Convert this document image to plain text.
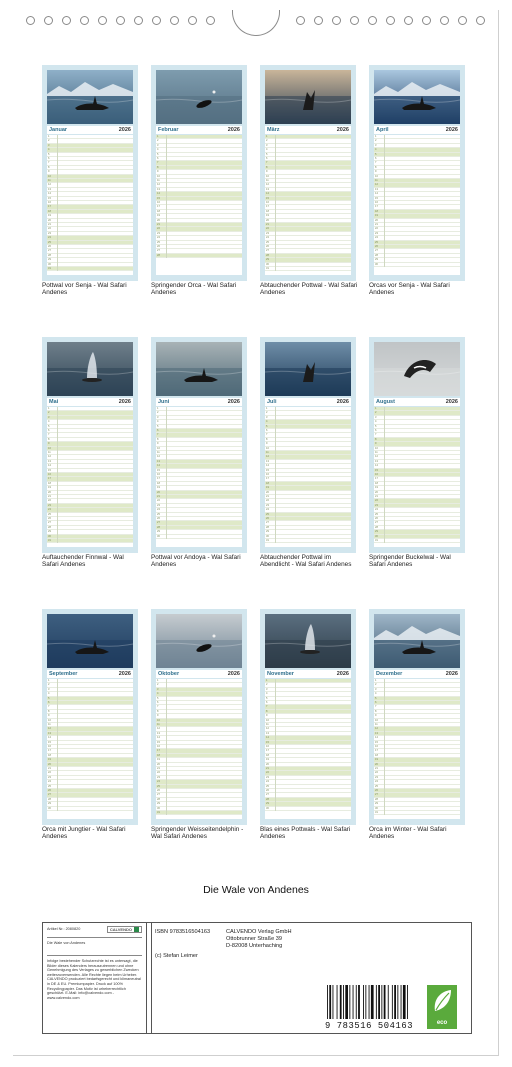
Januar	2026
1
2
3
4
5
6
7
8
9
10
11
12
13
14
15
16
17
18
19
20
21
22
23
24
25
26
27
28
29
30
31
Pottwal vor Senja - Wal Safari Andenes
Februar	2026
1
2
3
4
5
6
7
8
9
10
11
12
13
14
15
16
17
18
19
20
21
22
23
24
25
26
27
28
Springender Orca - Wal Safari Andenes
März	2026
1
2
3
4
5
6
7
8
9
10
11
12
13
14
15
16
17
18
19
20
21
22
23
24
25
26
27
28
29
30
31
Abtauchender Pottwal - Wal Safari Andenes
April	2026
1
2
3
4
5
6
7
8
9
10
11
12
13
14
15
16
17
18
19
20
21
22
23
24
25
26
27
28
29
30
Orcas vor Senja - Wal Safari Andenes
Mai	2026
1
2
3
4
5
6
7
8
9
10
11
12
13
14
15
16
17
18
19
20
21
22
23
24
25
26
27
28
29
30
31
Auftauchender Finnwal - Wal Safari Andenes
Juni	2026
1
2
3
4
5
6
7
8
9
10
11
12
13
14
15
16
17
18
19
20
21
22
23
24
25
26
27
28
29
30
Pottwal vor Andoya - Wal Safari Andenes
Juli	2026
1
2
3
4
5
6
7
8
9
10
11
12
13
14
15
16
17
18
19
20
21
22
23
24
25
26
27
28
29
30
31
Abtauchender Pottwal im Abendlicht - Wal Safari Andenes
August	2026
1
2
3
4
5
6
7
8
9
10
11
12
13
14
15
16
17
18
19
20
21
22
23
24
25
26
27
28
29
30
31
Springender Buckelwal - Wal Safari Andenes
September	2026
1
2
3
4
5
6
7
8
9
10
11
12
13
14
15
16
17
18
19
20
21
22
23
24
25
26
27
28
29
30
Orca mit Jungtier - Wal Safari Andenes
Oktober	2026
1
2
3
4
5
6
7
8
9
10
11
12
13
14
15
16
17
18
19
20
21
22
23
24
25
26
27
28
29
30
31
Springender Weisseitendelphin - Wal Safari Andenes
November	2026
1
2
3
4
5
6
7
8
9
10
11
12
13
14
15
16
17
18
19
20
21
22
23
24
25
26
27
28
29
30
Blas eines Pottwals - Wal Safari Andenes
Dezember	2026
1
2
3
4
5
6
7
8
9
10
11
12
13
14
15
16
17
18
19
20
21
22
23
24
25
26
27
28
29
30
31
Orca im Winter - Wal Safari Andenes
Die Wale von Andenes
Artikel Nr.: 2080820	CALVENDO
Die Wale von Andenes
Infolge bestehender Schutzrechte ist es untersagt, die Bilder dieses Kalenders herauszutrennen und ohne Genehmigung des Verlages zu gewerblichen Zwecken weiterzuverwenden. Alle Rechte liegen beim Urheber. CALVENDO produziert bedarfsgerecht und klimaneutral in DE & EU. Premiumpapier. Druck auf 100% Recyclingpapier. Das Motiv ist urheberrechtlich geschützt. E-Mail: info@calvendo.com - www.calvendo.com
ISBN 9783516504163
(c) Stefan Leimer
CALVENDO Verlag GmbH
Ottobrunner Straße 39
D-82008 Unterhaching
9 783516 504163	eco
